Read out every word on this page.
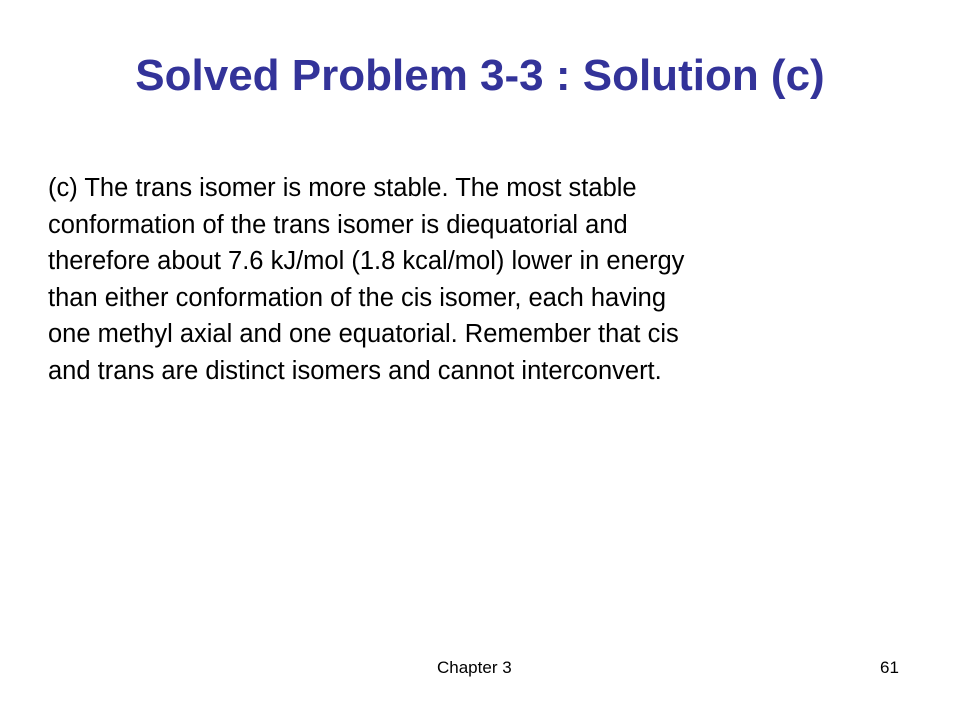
Solved Problem 3-3 : Solution (c)

(c) The trans isomer is more stable. The most stable
conformation of the trans isomer is diequatorial and
therefore about 7.6 kJ/mol (1.8 kcal/mol) lower in energy
than either conformation of the cis isomer, each having
one methyl axial and one equatorial. Remember that cis
and trans are distinct isomers and cannot interconvert.

Chapter 3	61
